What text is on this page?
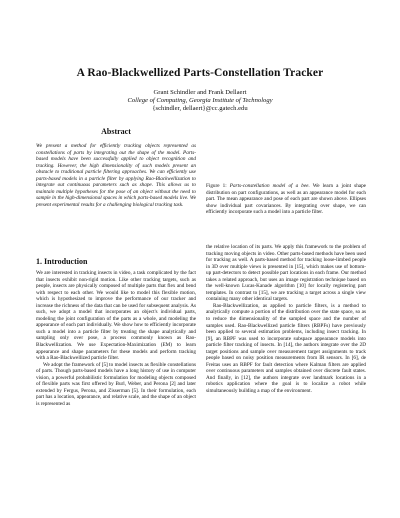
A Rao-Blackwellized Parts-Constellation Tracker
Grant Schindler and Frank Dellaert
College of Computing, Georgia Institute of Technology
{schindler, dellaert}@cc.gatech.edu
Abstract
We present a method for efficiently tracking objects represented as constellations of parts by integrating out the shape of the model. Parts-based models have been successfully applied to object recognition and tracking. However, the high dimensionality of such models present an obstacle to traditional particle filtering approaches. We can efficiently use parts-based models in a particle filter by applying Rao-Blackwellization to integrate out continuous parameters such as shape. This allows us to maintain multiple hypotheses for the pose of an object without the need to sample in the high-dimensional spaces in which parts-based models live. We present experimental results for a challenging biological tracking task.
1. Introduction

We are interested in tracking insects in video, a task complicated by the fact that insects exhibit non-rigid motion. Like other tracking targets, such as people, insects are physically composed of multiple parts that flex and bend with respect to each other. We would like to model this flexible motion, which is hypothesized to improve the performance of our tracker and increase the richness of the data that can be used for subsequent analysis. As such, we adopt a model that incorporates an object's individual parts, modeling the joint configuration of the parts as a whole, and modeling the appearance of each part individually. We show how to efficiently incorporate such a model into a particle filter by treating the shape analytically and sampling only over pose, a process commonly known as Rao-Blackwellization. We use Expectation-Maximization (EM) to learn appearance and shape parameters for these models and perform tracking with a Rao-Blackwellized particle filter.

We adopt the framework of [5] to model insects as flexible constellations of parts. Though parts-based models have a long history of use in computer vision, a powerful probabilistic formulation for modeling objects composed of flexible parts was first offered by Burl, Weber, and Perona [2] and later extended by Fergus, Perona, and Zisserman [5]. In their formulation, each part has a location, appearance, and relative scale, and the shape of an object is represented as

Figure 1: Parts-constellation model of a bee. We learn a joint shape distribution on part configurations, as well as an appearance model for each part. The mean appearance and pose of each part are shown above. Ellipses show individual part covariances. By integrating over shape, we can efficiently incorporate such a model into a particle filter.

the relative location of its parts. We apply this framework to the problem of tracking moving objects in video. Other parts-based methods have been used for tracking as well. A parts-based method for tracking loose-limbed people in 3D over multiple views is presented in [15], which makes use of bottom-up part-detectors to detect possible part locations in each frame. Our method takes a related approach, but uses an image registration technique based on the well-known Lucas-Kanade algorithm [10] for locally registering part templates. In contrast to [15], we are tracking a target across a single view containing many other identical targets.

Rao-Blackwellization, as applied to particle filters, is a method to analytically compute a portion of the distribution over the state space, so as to reduce the dimensionality of the sampled space and the number of samples used. Rao-Blackwellized particle filters (RBPFs) have previously been applied to several estimation problems, including insect tracking. In [9], an RBPF was used to incorporate subspace appearance models into particle filter tracking of insects. In [14], the authors integrate over the 2D target positions and sample over measurement target assignments to track people based on noisy position measurements from IR sensors. In [6], de Freitas uses an RBPF for fault detection where Kalman filters are applied over continuous parameters and samples obtained over discrete fault states. And finally, in [12], the authors integrate over landmark locations in a robotics application where the goal is to localize a robot while simultaneously building a map of the environment.
